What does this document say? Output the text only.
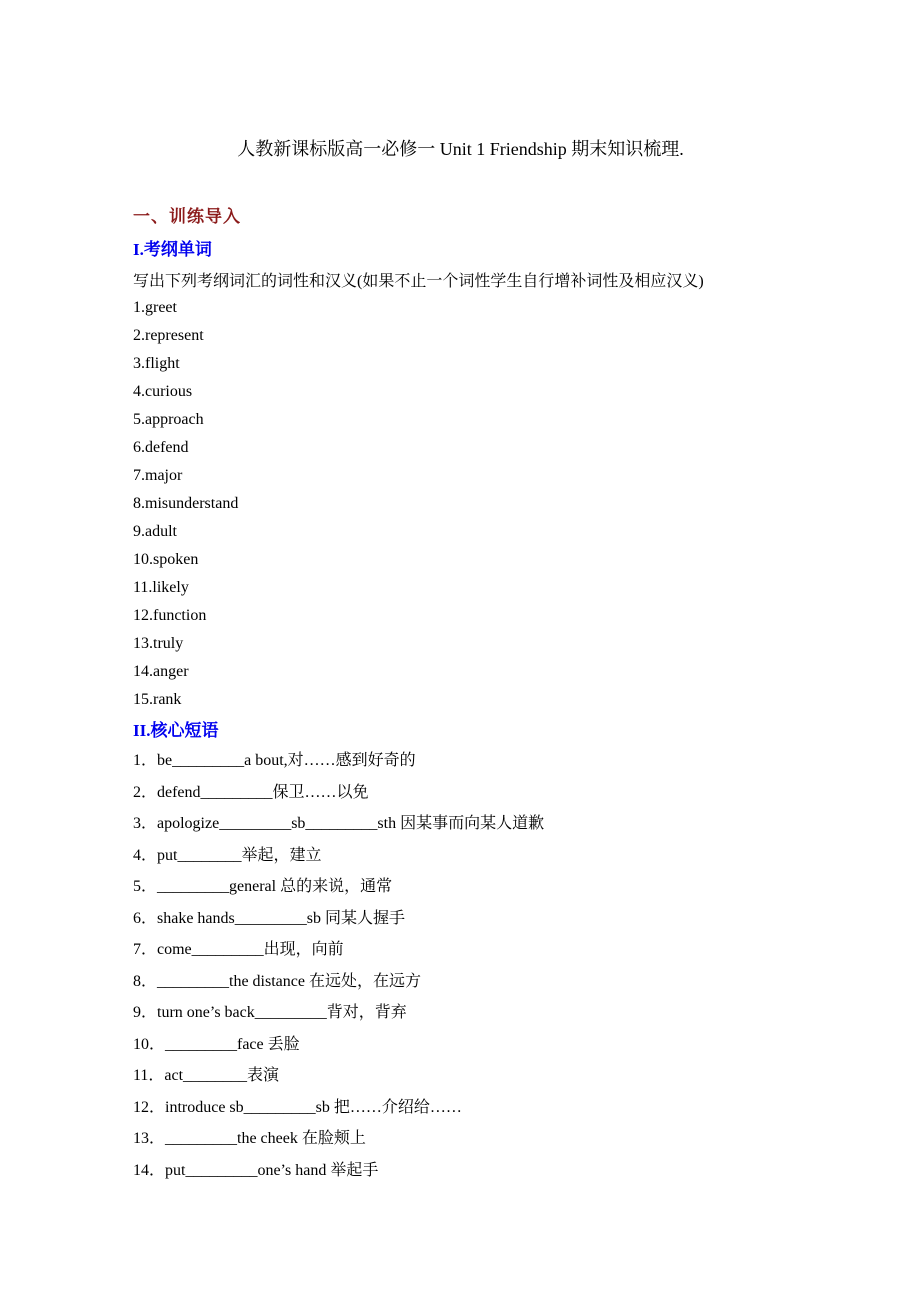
人教新课标版高一必修一 Unit 1 Friendship 期末知识梳理.
一、训练导入
I.考纲单词
写出下列考纲词汇的词性和汉义(如果不止一个词性学生自行增补词性及相应汉义)
1.greet
2.represent
3.flight
4.curious
5.approach
6.defend
7.major
8.misunderstand
9.adult
10.spoken
11.likely
12.function
13.truly
14.anger
15.rank
II.核心短语
1．be_________a bout,对……感到好奇的
2．defend_________保卫……以免
3．apologize_________sb_________sth 因某事而向某人道歉
4．put________举起，建立
5．_________general 总的来说，通常
6．shake hands_________sb 同某人握手
7．come_________出现，向前
8．_________the distance 在远处，在远方
9．turn one’s back_________背对，背弃
10．_________face 丢脸
11．act________表演
12．introduce sb_________sb 把……介绍给……
13．_________the cheek 在脸颊上
14．put_________one’s hand 举起手
